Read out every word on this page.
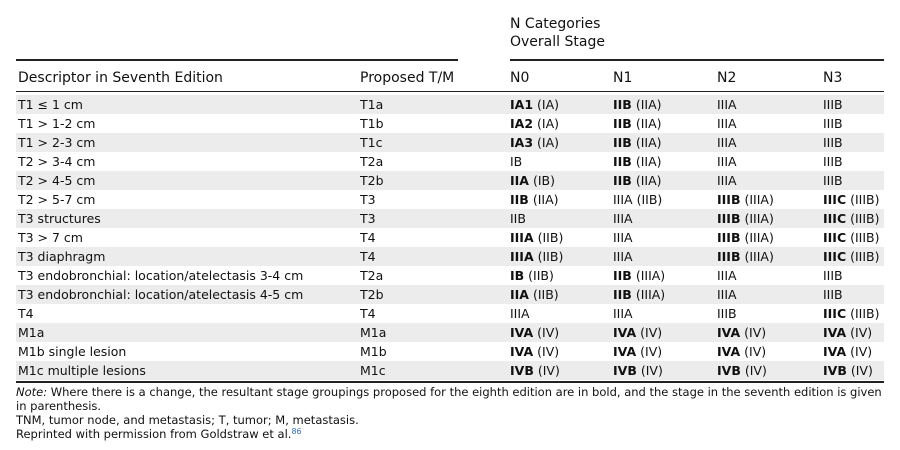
N Categories
Overall Stage
Descriptor in Seventh Edition	Proposed T/M	N0	N1	N2	N3
T1 ≤ 1 cm	T1a	IA1 (IA)	IIB (IIA)	IIIA	IIIB
T1 > 1-2 cm	T1b	IA2 (IA)	IIB (IIA)	IIIA	IIIB
T1 > 2-3 cm	T1c	IA3 (IA)	IIB (IIA)	IIIA	IIIB
T2 > 3-4 cm	T2a	IB	IIB (IIA)	IIIA	IIIB
T2 > 4-5 cm	T2b	IIA (IB)	IIB (IIA)	IIIA	IIIB
T2 > 5-7 cm	T3	IIB (IIA)	IIIA (IIB)	IIIB (IIIA)	IIIC (IIIB)
T3 structures	T3	IIB	IIIA	IIIB (IIIA)	IIIC (IIIB)
T3 > 7 cm	T4	IIIA (IIB)	IIIA	IIIB (IIIA)	IIIC (IIIB)
T3 diaphragm	T4	IIIA (IIB)	IIIA	IIIB (IIIA)	IIIC (IIIB)
T3 endobronchial: location/atelectasis 3-4 cm	T2a	IB (IIB)	IIB (IIIA)	IIIA	IIIB
T3 endobronchial: location/atelectasis 4-5 cm	T2b	IIA (IIB)	IIB (IIIA)	IIIA	IIIB
T4	T4	IIIA	IIIA	IIIB	IIIC (IIIB)
M1a	M1a	IVA (IV)	IVA (IV)	IVA (IV)	IVA (IV)
M1b single lesion	M1b	IVA (IV)	IVA (IV)	IVA (IV)	IVA (IV)
M1c multiple lesions	M1c	IVB (IV)	IVB (IV)	IVB (IV)	IVB (IV)

Note: Where there is a change, the resultant stage groupings proposed for the eighth edition are in bold, and the stage in the seventh edition is given in parenthesis.

TNM, tumor node, and metastasis; T, tumor; M, metastasis.

Reprinted with permission from Goldstraw et al.$^{86}$
